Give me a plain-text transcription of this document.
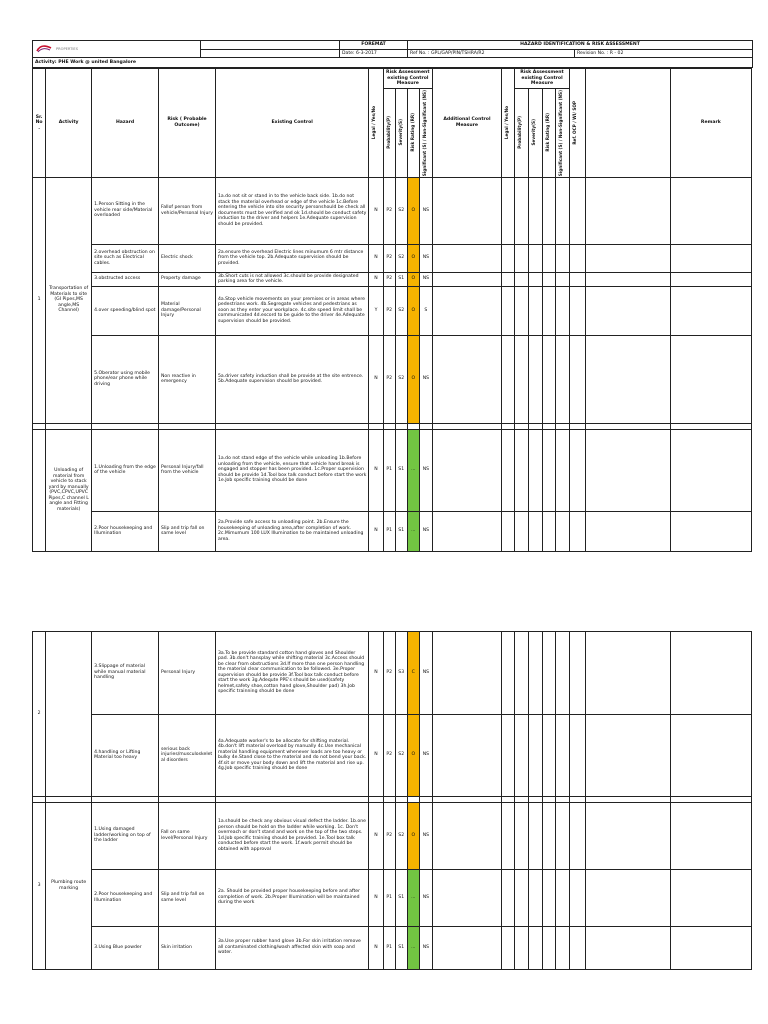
PROPERTIES		FOREMAT	HAZARD IDENTIFICATION & RISK ASSESSMENT	
		Date: 6-3-2017	Ref No. : GPL/GAP/PIN/TSHRA/R2	Revision No. : R - 02
Activity: PHE Work @ united Bangalore				
Sr. No.	Activity	Hazard	Risk ( Probable Outcome)	Existing Control	Legal / Yes/No	Risk Assessment existing Control Measure				Additional Control Measure	Legal / Yes/No	Risk Assessment existing Control Measure				Ref. OCP / WI/ SOP		Remark

						Probability(P)	Severity(S)	Risk Rating (RR)	Significant (S) / Non-Significant (NS)			Probability(P)	Severity(S)	Risk Rating (RR)	Significant (S) / Non-Significant (NS)			

1	Transportation of Materials to site (GI Pipes,MS angle,MS Channel)	1.Person Sitting in the vehicle rear side/Material overloaded	Fallof person from vehicle/Personal Injury	1a.do not sit or stand in to the vehicle back side. 1b.do not stack the material overhead or edge of the vehicle 1c.Before entering the vehicle into site security personshould be check all documents must be verified and ok 1d.should be conduct safety induction to the driver and helpers 1e.Adequate supervision should be provided.	N	P2	S2	O	NS									
		2.overhead obstruction on site such as Electrical cables.	Electric shock	2a.ensure the overhead Electric lines minumum 6 mtr distance from the vehicle top. 2b.Adequate supervision should be provided.	N	P2	S2	O	NS									
		3.obstructed access	Property damage	3b.Short cuts is not allowed 3c.should be provide designated parking area for the vehicle.	N	P2	S1	O	NS									
		4.over speeding/blind spot	Material damage/Personal Injury	4a.Stop vehicle movements on your premises or in areas where pedestrians work. 4b.Segregate vehicles and pedestrians as soon as they enter your workplace. 4c.site speed limit shall be communicated 4d.escord to be guide to the driver 4e.Adequate supervision should be provided.	Y	P2	S2	O	S									
		5.Oberator using mobile phone/ear phone while driving	Non reactive in emergency	5a.driver safety induction shall be provide at the site entrence. 5b.Adequate supervision should be provided.	N	P2	S2	O	NS									

	Unloading of material from vehicle to stack yard by manually (PVC,CPVC,UPVC Pipes,C channel L angle and Fitting materials)	1.Unloading from the edge of the vehicle	Personal Injury/fall from the vehicle	1a.do not stand edge of the vehicle while unloading 1b.Before unloading from the vehicle, ensure that vehicle hand break is engaged and stopper has been provided. 1c.Proper supervision should be provide 1d.Tool box talk conduct before start the work 1e.Job specific training should be done	N	P1	S1	...	NS									
		2.Poor housekeeping and Illumination	Slip and trip fall on same level	2a.Provide safe access to unloading point. 2b.Ensure the housekeeping of unloading area,after completion of work. 2c.Mimumum 100 LUX Illumination to be maintained unloading area.	N	P1	S1	...	NS									

2		3.Slippage of material while manual material handling	Personal Injury	3a.To be provide standard cotton hand gloves and Shoulder pad. 3b.don't hansplay while shifting material 3c.Access should be clear from obstructions 3d.If more than one person handling the material clear communication to be followed. 3e.Proper supervision should be provide 3f.Tool box talk conduct before start the work 3g.Adequte PPE's should be used(safety helmet,safety shoe,cotton hand glove,Shoulder pad) 3h.Job specific trainning should be done	N	P2	S3	C	NS									
		4.handling or Lifting Material too heavy	serious back injuries/musculoskeletal disorders	4a.Adequate worker's to be allocate for shifting material. 4b.don't lift material overload by manually 4c.Use mechanical material handling equipment whenever loads are too heavy or bulky 4e.Stand close to the material and do not bend your back. 4f.sit or move your body down and lift the material and rise up. 4g.Job specific training should be done	N	P2	S2	O	NS									

3	Plumbing route marking	1.Using damaged ladder/working on top of the ladder	Fall on same level/Personal Injury	1a.should be check any obvious visual defect the ladder. 1b.one person should be hold on the ladder while working. 1c. Don't overreach or don't stand and work on the top of the two steps. 1d.Job specific training should be provided. 1e.Tool box talk conducted before start the work. 1f.work permit should be obtained with approval	N	P2	S2	O	NS									
		2.Poor housekeeping and Illumination	Slip and trip fall on same level	2a. Should be provided proper housekeeping before and after completion of work. 2b.Proper Illumination will be maintained during the work	N	P1	S1	...	NS									
		3.Using Blue powder	Skin irritation	3a.Use proper rubber hand glove 3b.For skin irritation remove all contaminated clothing/wash affected skin with soap and water.	N	P1	S1	...	NS									
